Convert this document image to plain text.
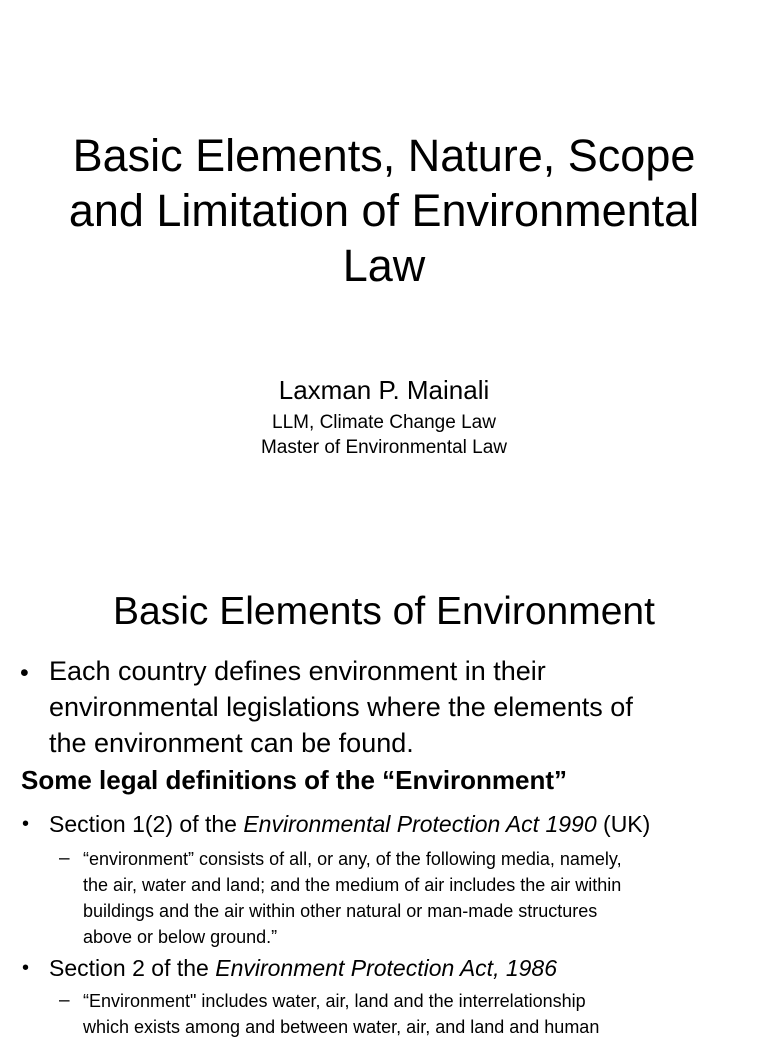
Basic Elements, Nature, Scope
and Limitation of Environmental
Law
Laxman P. Mainali
LLM, Climate Change Law
Master of Environmental Law
Basic Elements of Environment
• Each country defines environment in their
environmental legislations where the elements of
the environment can be found.
Some legal definitions of the “Environment”
• Section 1(2) of the Environmental Protection Act 1990 (UK)
– “environment” consists of all, or any, of the following media, namely,
the air, water and land; and the medium of air includes the air within
buildings and the air within other natural or man-made structures
above or below ground.”
• Section 2 of the Environment Protection Act, 1986
– “Environment" includes water, air, land and the interrelationship
which exists among and between water, air, and land and human
